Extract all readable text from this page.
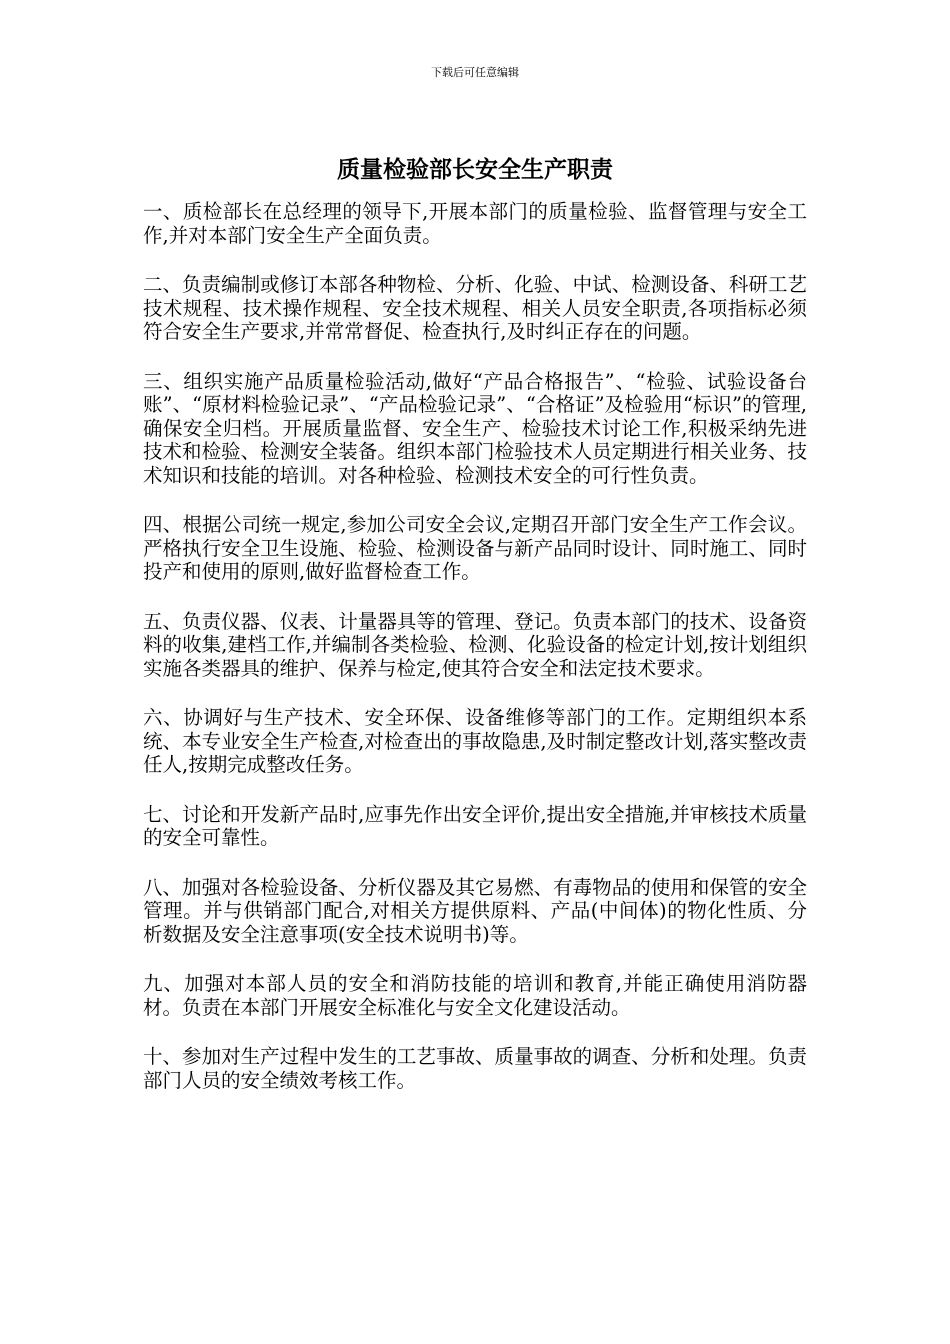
下载后可任意编辑
质量检验部长安全生产职责

一、质检部长在总经理的领导下,开展本部门的质量检验、监督管理与安全工作,并对本部门安全生产全面负责。

二、负责编制或修订本部各种物检、分析、化验、中试、检测设备、科研工艺技术规程、技术操作规程、安全技术规程、相关人员安全职责,各项指标必须符合安全生产要求,并常常督促、检查执行,及时纠正存在的问题。

三、组织实施产品质量检验活动,做好“产品合格报告”、“检验、试验设备台账”、“原材料检验记录”、“产品检验记录”、“合格证”及检验用“标识”的管理,确保安全归档。开展质量监督、安全生产、检验技术讨论工作,积极采纳先进技术和检验、检测安全装备。组织本部门检验技术人员定期进行相关业务、技术知识和技能的培训。对各种检验、检测技术安全的可行性负责。

四、根据公司统一规定,参加公司安全会议,定期召开部门安全生产工作会议。严格执行安全卫生设施、检验、检测设备与新产品同时设计、同时施工、同时投产和使用的原则,做好监督检查工作。

五、负责仪器、仪表、计量器具等的管理、登记。负责本部门的技术、设备资料的收集,建档工作,并编制各类检验、检测、化验设备的检定计划,按计划组织实施各类器具的维护、保养与检定,使其符合安全和法定技术要求。

六、协调好与生产技术、安全环保、设备维修等部门的工作。定期组织本系统、本专业安全生产检查,对检查出的事故隐患,及时制定整改计划,落实整改责任人,按期完成整改任务。

七、讨论和开发新产品时,应事先作出安全评价,提出安全措施,并审核技术质量的安全可靠性。

八、加强对各检验设备、分析仪器及其它易燃、有毒物品的使用和保管的安全管理。并与供销部门配合,对相关方提供原料、产品(中间体)的物化性质、分析数据及安全注意事项(安全技术说明书)等。

九、加强对本部人员的安全和消防技能的培训和教育,并能正确使用消防器材。负责在本部门开展安全标准化与安全文化建设活动。

十、参加对生产过程中发生的工艺事故、质量事故的调查、分析和处理。负责部门人员的安全绩效考核工作。
